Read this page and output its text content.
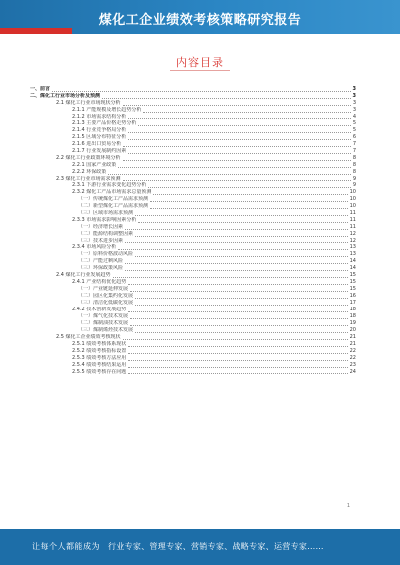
煤化工企业绩效考核策略研究报告
内容目录
一、前言	3
二、煤化工行业市场分析及预测	3
2.1 煤化工行业市场现状分析	3
2.1.1 产能规模及增长趋势分析	3
2.1.2 市场需求结构分析	4
2.1.3 主要产品价格走势分析	5
2.1.4 行业竞争格局分析	5
2.1.5 区域分布特征分析	6
2.1.6 进出口贸易分析	7
2.1.7 行业发展制约因素	7
2.2 煤化工行业政策环境分析	8
2.2.1 国家产业政策	8
2.2.2 环保政策	8
2.3 煤化工行业市场需求预测	9
2.3.1 下游行业需求变化趋势分析	9
2.3.2 煤化工产品市场需求总量预测	10
（一）传统煤化工产品需求预测	10
（二）新型煤化工产品需求预测	10
（三）区域市场需求预测	11
2.3.3 市场需求影响因素分析	11
（一）经济增长因素	11
（二）能源结构调整因素	12
（三）技术进步因素	12
2.3.4 市场风险分析	13
（一）原料价格波动风险	13
（二）产能过剩风险	14
（三）环保政策风险	14
2.4 煤化工行业发展趋势	15
2.4.1 产业结构优化趋势	15
（一）产业链延伸发展	15
（二）园区化集约化发展	16
（三）清洁化低碳化发展	17
2.4.2 技术创新发展趋势	18
（一）煤气化技术发展	18
（二）煤制油技术发展	19
（三）煤制烯烃技术发展	20
2.5 煤化工企业绩效考核现状	21
2.5.1 绩效考核体系现状	21
2.5.2 绩效考核指标设置	22
2.5.3 绩效考核方法应用	22
2.5.4 绩效考核结果运用	23
2.5.5 绩效考核存在问题	24
1
让每个人都能成为 行业专家、管理专家、营销专家、战略专家、运营专家……
